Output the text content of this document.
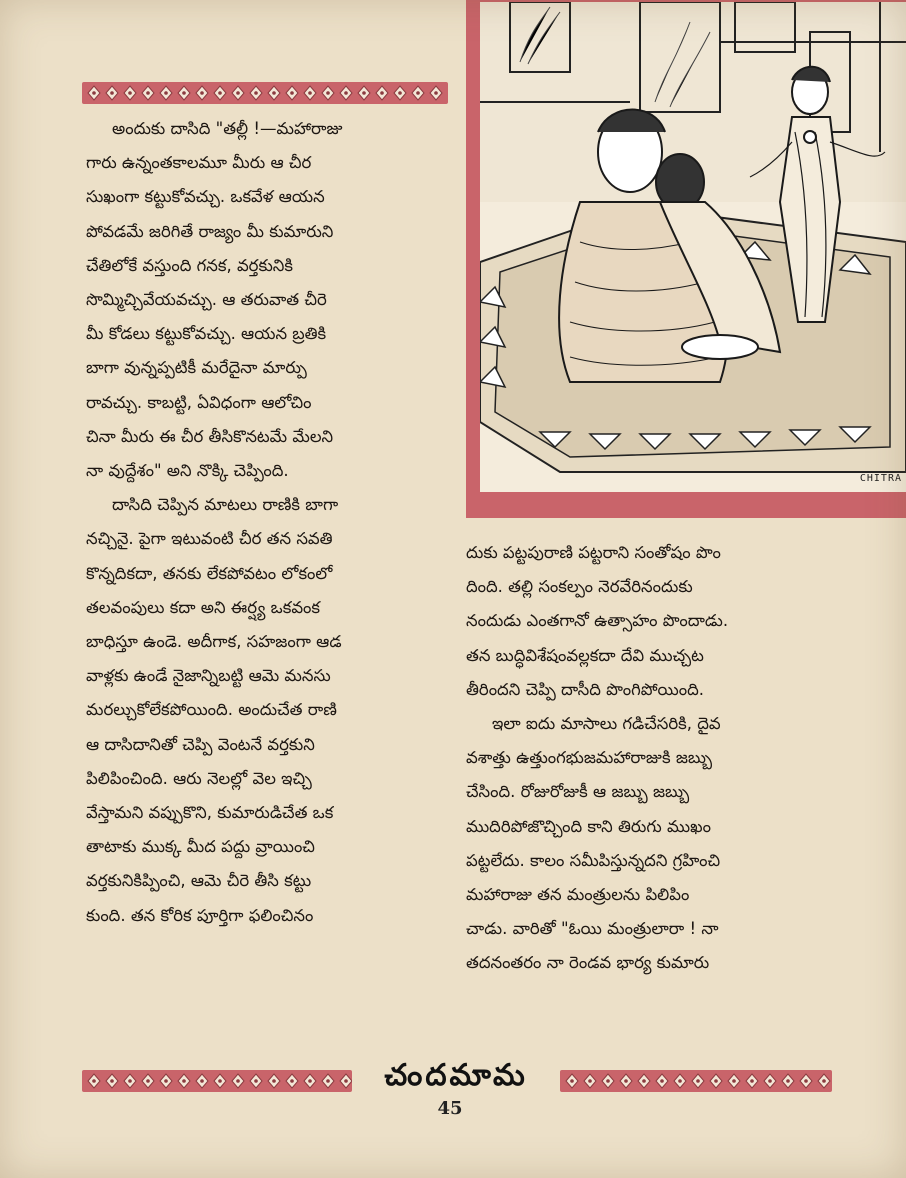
CHITRA
అందుకు దాసిది "తల్లీ !—మహారాజు
గారు ఉన్నంతకాలమూ మీరు ఆ చీర
సుఖంగా కట్టుకోవచ్చు. ఒకవేళ ఆయన
పోవడమే జరిగితే రాజ్యం మీ కుమారుని
చేతిలోకే వస్తుంది గనక, వర్తకునికి
సొమ్మిచ్చివేయవచ్చు. ఆ తరువాత చీరె
మీ కోడలు కట్టుకోవచ్చు. ఆయన బ్రతికి
బాగా వున్నప్పటికీ మరేదైనా మార్పు
రావచ్చు. కాబట్టి, ఏవిధంగా ఆలోచిం
చినా మీరు ఈ చీర తీసికొనటమే మేలని
నా వుద్దేశం" అని నొక్కి చెప్పింది.
దాసిది చెప్పిన మాటలు రాణికి బాగా
నచ్చినై. పైగా ఇటువంటి చీర తన సవతి
కొన్నదికదా, తనకు లేకపోవటం లోకంలో
తలవంపులు కదా అని ఈర్ష్య ఒకవంక
బాధిస్తూ ఉండె. అదీగాక, సహజంగా ఆడ
వాళ్లకు ఉండే నైజాన్నిబట్టి ఆమె మనసు
మరల్చుకోలేకపోయింది. అందుచేత రాణి
ఆ దాసిదానితో చెప్పి వెంటనే వర్తకుని
పిలిపించింది. ఆరు నెలల్లో వెల ఇచ్చి
వేస్తామని వప్పుకొని, కుమారుడిచేత ఒక
తాటాకు ముక్క మీద పద్దు వ్రాయించి
వర్తకునికిప్పించి, ఆమె చీరె తీసి కట్టు
కుంది. తన కోరిక పూర్తిగా ఫలించినం
దుకు పట్టపురాణి పట్టరాని సంతోషం పొం
దింది. తల్లి సంకల్పం నెరవేరినందుకు
నందుడు ఎంతగానో ఉత్సాహం పొందాడు.
తన బుద్ధివిశేషంవల్లకదా దేవి ముచ్చట
తీరిందని చెప్పి దాసీది పొంగిపోయింది.
ఇలా ఐదు మాసాలు గడిచేసరికి, దైవ
వశాత్తు ఉత్తుంగభుజమహారాజుకి జబ్బు
చేసింది. రోజురోజుకీ ఆ జబ్బు జబ్బు
ముదిరిపోజొచ్చింది కాని తిరుగు ముఖం
పట్టలేదు. కాలం సమీపిస్తున్నదని గ్రహించి
మహారాజు తన మంత్రులను పిలిపిం
చాడు. వారితో "ఓయి మంత్రులారా ! నా
తదనంతరం నా రెండవ భార్య కుమారు
చందమామ
45
